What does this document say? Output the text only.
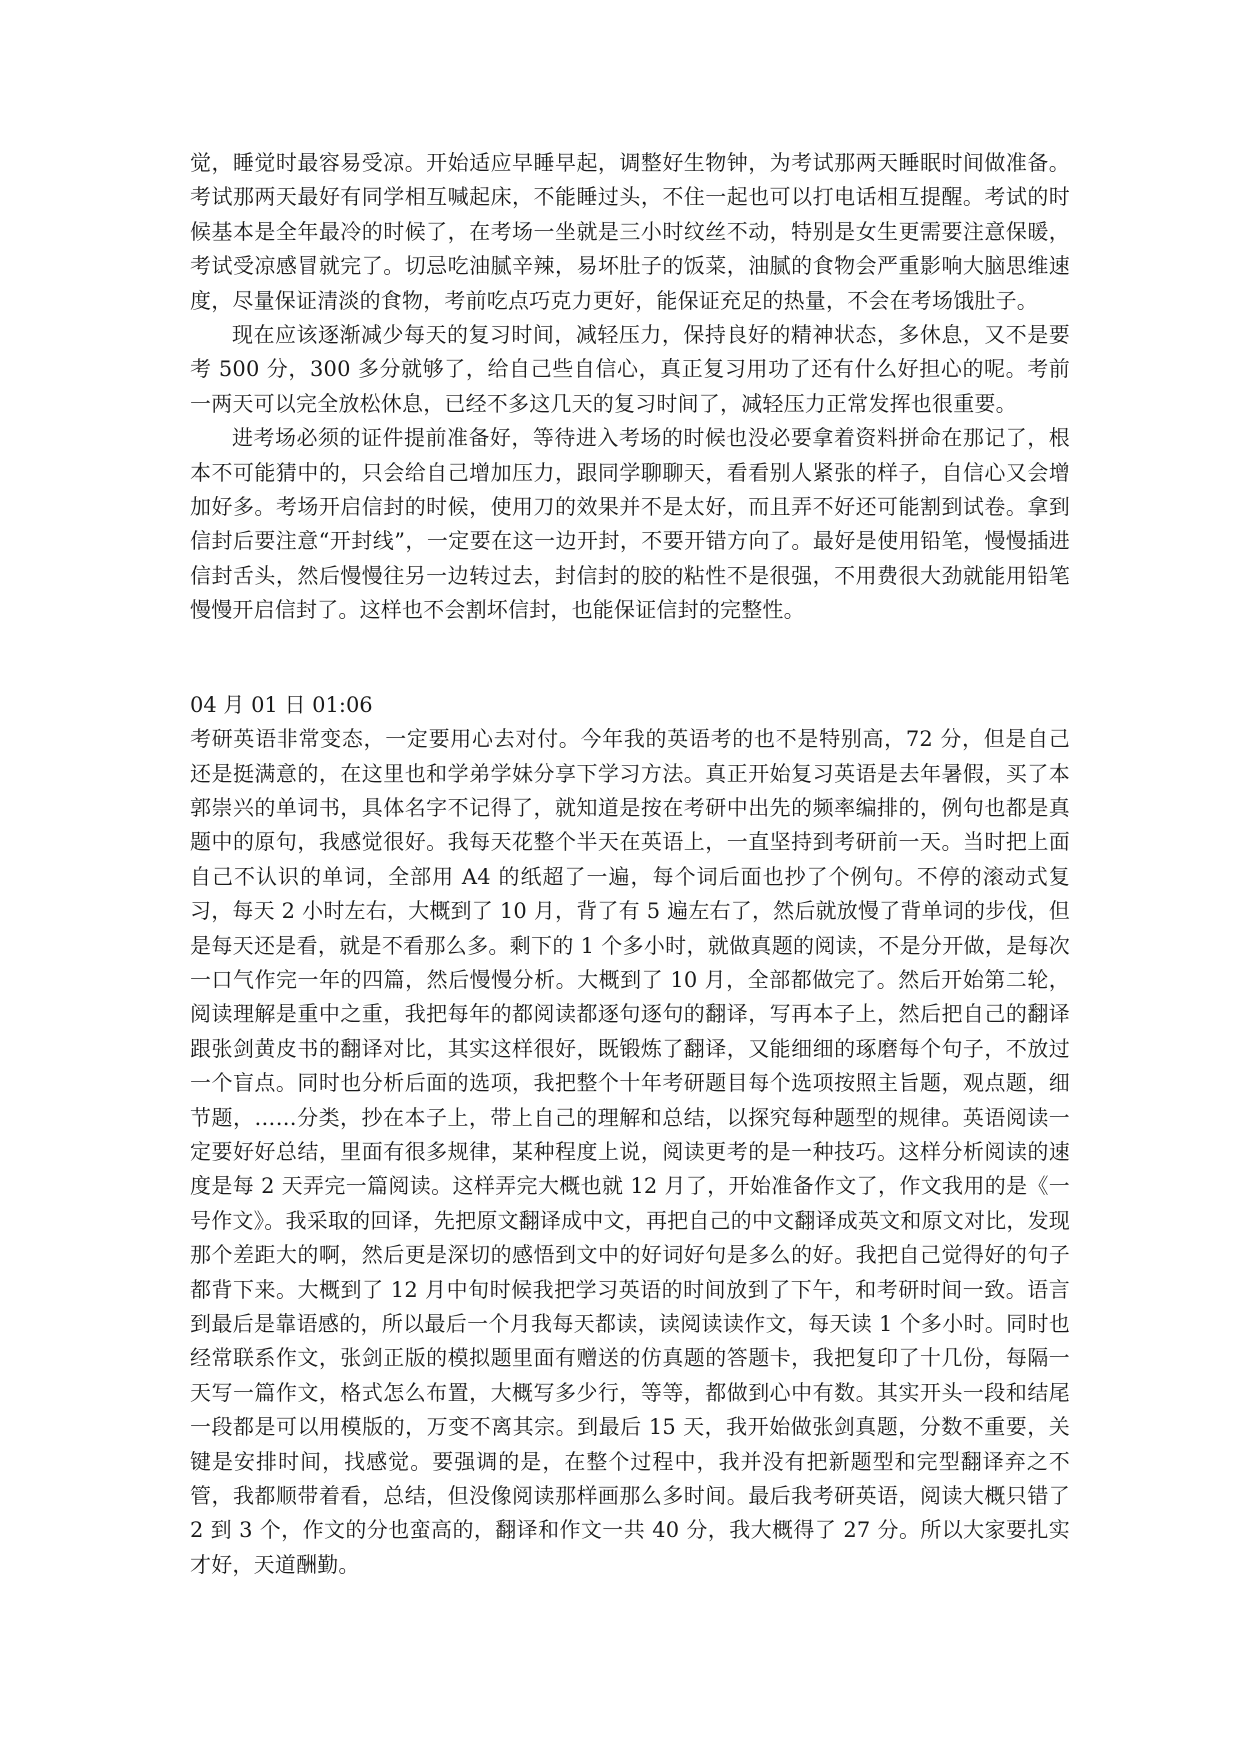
觉，睡觉时最容易受凉。开始适应早睡早起，调整好生物钟，为考试那两天睡眠时间做准备。考试那两天最好有同学相互喊起床，不能睡过头，不住一起也可以打电话相互提醒。考试的时候基本是全年最冷的时候了，在考场一坐就是三小时纹丝不动，特别是女生更需要注意保暖，考试受凉感冒就完了。切忌吃油腻辛辣，易坏肚子的饭菜，油腻的食物会严重影响大脑思维速度，尽量保证清淡的食物，考前吃点巧克力更好，能保证充足的热量，不会在考场饿肚子。

现在应该逐渐减少每天的复习时间，减轻压力，保持良好的精神状态，多休息，又不是要考 500 分，300 多分就够了，给自己些自信心，真正复习用功了还有什么好担心的呢。考前一两天可以完全放松休息，已经不多这几天的复习时间了，减轻压力正常发挥也很重要。

进考场必须的证件提前准备好，等待进入考场的时候也没必要拿着资料拼命在那记了，根本不可能猜中的，只会给自己增加压力，跟同学聊聊天，看看别人紧张的样子，自信心又会增加好多。考场开启信封的时候，使用刀的效果并不是太好，而且弄不好还可能割到试卷。拿到信封后要注意“开封线”，一定要在这一边开封，不要开错方向了。最好是使用铅笔，慢慢插进信封舌头，然后慢慢往另一边转过去，封信封的胶的粘性不是很强，不用费很大劲就能用铅笔慢慢开启信封了。这样也不会割坏信封，也能保证信封的完整性。

04 月 01 日 01:06

考研英语非常变态，一定要用心去对付。今年我的英语考的也不是特别高，72 分，但是自己还是挺满意的，在这里也和学弟学妹分享下学习方法。真正开始复习英语是去年暑假，买了本郭崇兴的单词书，具体名字不记得了，就知道是按在考研中出先的频率编排的，例句也都是真题中的原句，我感觉很好。我每天花整个半天在英语上，一直坚持到考研前一天。当时把上面自己不认识的单词，全部用 A4 的纸超了一遍，每个词后面也抄了个例句。不停的滚动式复习，每天 2 小时左右，大概到了 10 月，背了有 5 遍左右了，然后就放慢了背单词的步伐，但是每天还是看，就是不看那么多。剩下的 1 个多小时，就做真题的阅读，不是分开做，是每次一口气作完一年的四篇，然后慢慢分析。大概到了 10 月，全部都做完了。然后开始第二轮，阅读理解是重中之重，我把每年的都阅读都逐句逐句的翻译，写再本子上，然后把自己的翻译跟张剑黄皮书的翻译对比，其实这样很好，既锻炼了翻译，又能细细的琢磨每个句子，不放过一个盲点。同时也分析后面的选项，我把整个十年考研题目每个选项按照主旨题，观点题，细节题，……分类，抄在本子上，带上自己的理解和总结，以探究每种题型的规律。英语阅读一定要好好总结，里面有很多规律，某种程度上说，阅读更考的是一种技巧。这样分析阅读的速度是每 2 天弄完一篇阅读。这样弄完大概也就 12 月了，开始准备作文了，作文我用的是《一号作文》。我采取的回译，先把原文翻译成中文，再把自己的中文翻译成英文和原文对比，发现那个差距大的啊，然后更是深切的感悟到文中的好词好句是多么的好。我把自己觉得好的句子都背下来。大概到了 12 月中旬时候我把学习英语的时间放到了下午，和考研时间一致。语言到最后是靠语感的，所以最后一个月我每天都读，读阅读读作文，每天读 1 个多小时。同时也经常联系作文，张剑正版的模拟题里面有赠送的仿真题的答题卡，我把复印了十几份，每隔一天写一篇作文，格式怎么布置，大概写多少行，等等，都做到心中有数。其实开头一段和结尾一段都是可以用模版的，万变不离其宗。到最后 15 天，我开始做张剑真题，分数不重要，关键是安排时间，找感觉。要强调的是，在整个过程中，我并没有把新题型和完型翻译弃之不管，我都顺带着看，总结，但没像阅读那样画那么多时间。最后我考研英语，阅读大概只错了 2 到 3 个，作文的分也蛮高的，翻译和作文一共 40 分，我大概得了 27 分。所以大家要扎实才好，天道酬勤。
